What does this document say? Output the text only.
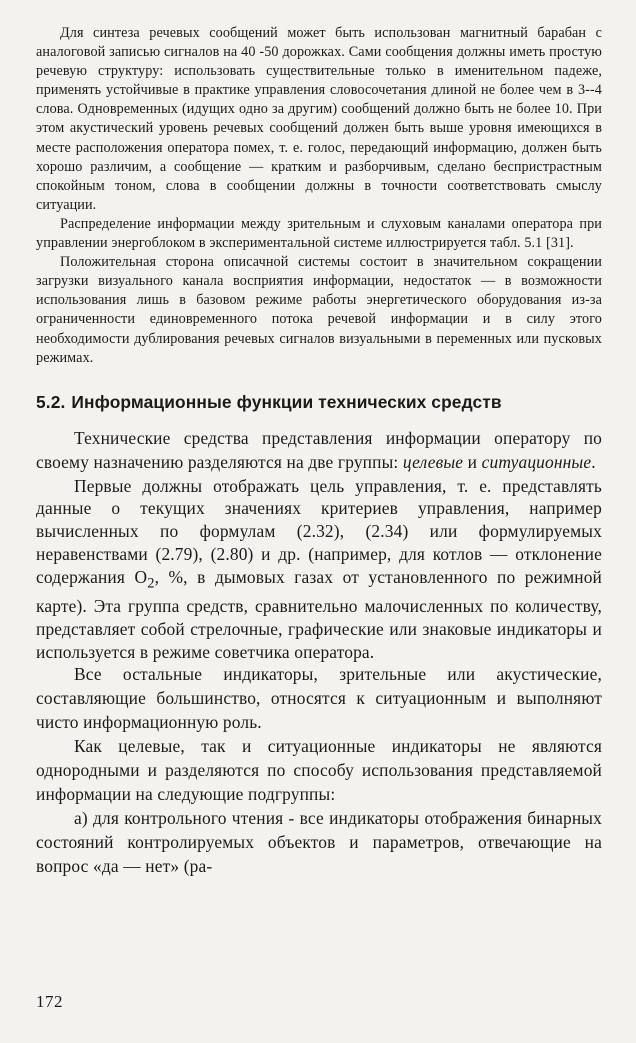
Для синтеза речевых сообщений может быть использован магнитный барабан с аналоговой записью сигналов на 40 -50 дорожках. Сами сообщения должны иметь простую речевую структуру: использовать существительные только в именительном падеже, применять устойчивые в практике управления словосочетания длиной не более чем в 3--4 слова. Одновременных (идущих одно за другим) сообщений должно быть не более 10. При этом акустический уровень речевых сообщений должен быть выше уровня имеющихся в месте расположения оператора помех, т. е. голос, передающий информацию, должен быть хорошо различим, а сообщение — кратким и разборчивым, сделано беспристрастным спокойным тоном, слова в сообщении должны в точности соответствовать смыслу ситуации.

Распределение информации между зрительным и слуховым каналами оператора при управлении энергоблоком в экспериментальной системе иллюстрируется табл. 5.1 [31].

Положительная сторона описачной системы состоит в значительном сокращении загрузки визуального канала восприятия информации, недостаток — в возможности использования лишь в базовом режиме работы энергетического оборудования из-за ограниченности единовременного потока речевой информации и в силу этого необходимости дублирования речевых сигналов визуальными в переменных или пусковых режимах.

5.2. Информационные функции технических средств

Технические средства представления информации оператору по своему назначению разделяются на две группы: целевые и ситуационные.

Первые должны отображать цель управления, т. е. представлять данные о текущих значениях критериев управления, например вычисленных по формулам (2.32), (2.34) или формулируемых неравенствами (2.79), (2.80) и др. (например, для котлов — отклонение содержания $O_2$, %, в дымовых газах от установленного по режимной карте). Эта группа средств, сравнительно малочисленных по количеству, представляет собой стрелочные, графические или знаковые индикаторы и используется в режиме советчика оператора.

Все остальные индикаторы, зрительные или акустические, составляющие большинство, относятся к ситуационным и выполняют чисто информационную роль.

Как целевые, так и ситуационные индикаторы не являются однородными и разделяются по способу использования представляемой информации на следующие подгруппы:

а) для контрольного чтения - все индикаторы отображения бинарных состояний контролируемых объектов и параметров, отвечающие на вопрос «да — нет» (ра-

172
